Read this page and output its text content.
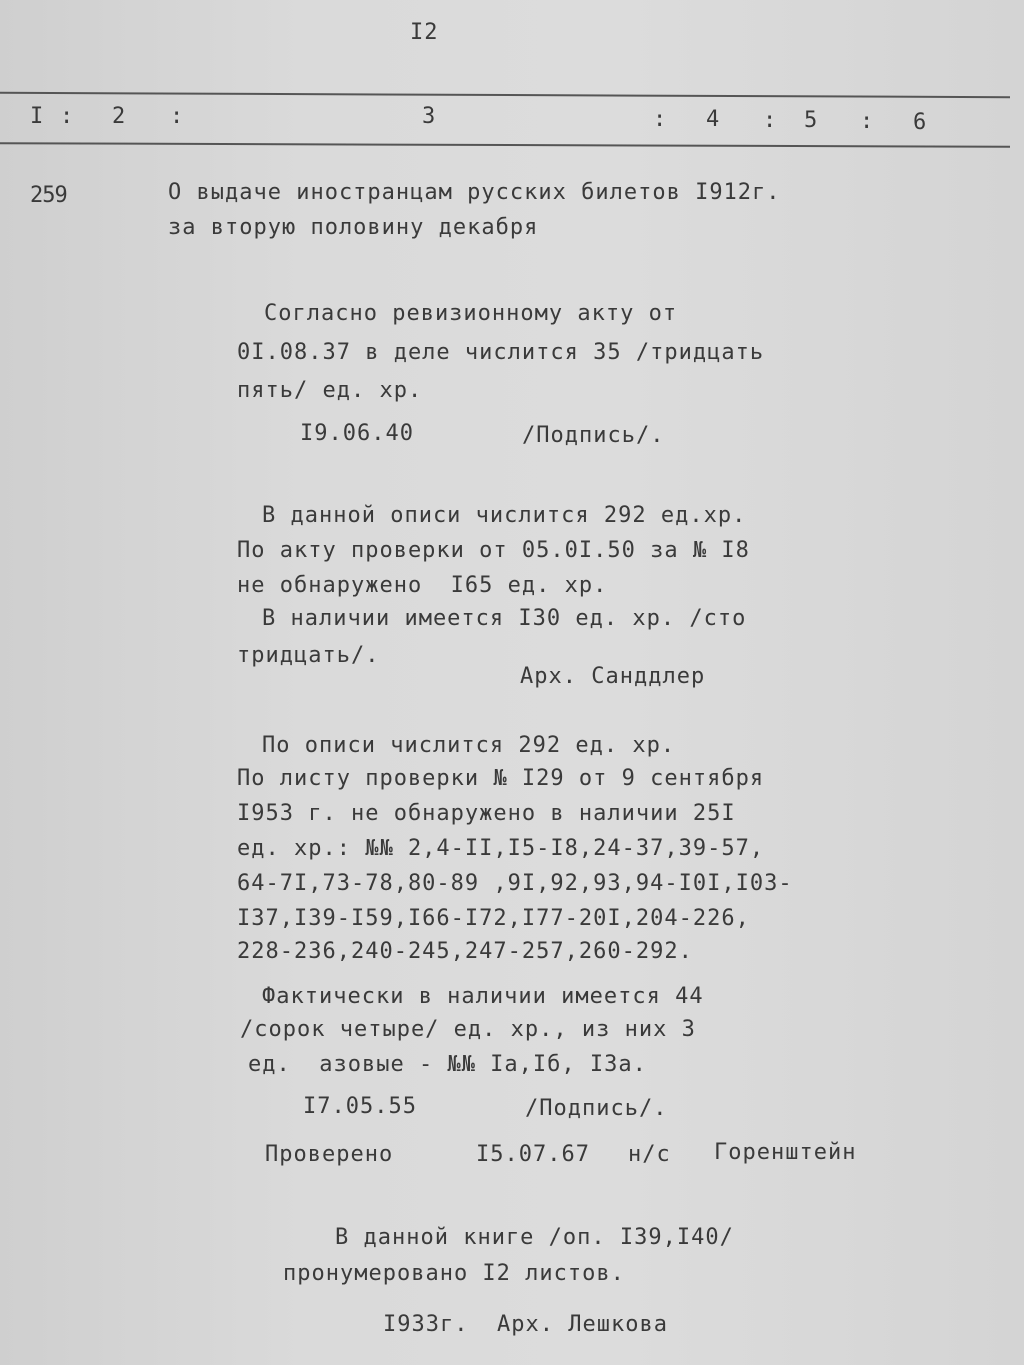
I2
I : 2 :	3	: 4 : 5 : 6
259	О выдаче иностранцам русских билетов I912г.
за вторую половину декабря
Согласно ревизионному акту от
0I.08.37 в деле числится 35 /тридцать
пять/ ед. хр.
I9.06.40	/Подпись/.
В данной описи числится 292 ед.хр.
По акту проверки от 05.0I.50 за № I8
не обнаружено  I65 ед. хр.
В наличии имеется I30 ед. хр. /сто
тридцать/.
Арх. Санддлер
По описи числится 292 ед. хр.
По листу проверки № I29 от 9 сентября
I953 г. не обнаружено в наличии 25I
ед. хр.: №№ 2,4-II,I5-I8,24-37,39-57,
64-7I,73-78,80-89 ,9I,92,93,94-I0I,I03-
I37,I39-I59,I66-I72,I77-20I,204-226,
228-236,240-245,247-257,260-292.
Фактически в наличии имеется 44
/сорок четыре/ ед. хр., из них 3
ед.  азовые - №№ Iа,Iб, I3а.
I7.05.55	/Подпись/.
Проверено	I5.07.67 н/с Горенштейн
В данной книге /оп. I39,I40/
пронумеровано I2 листов.
I933г. Арх. Лешкова
